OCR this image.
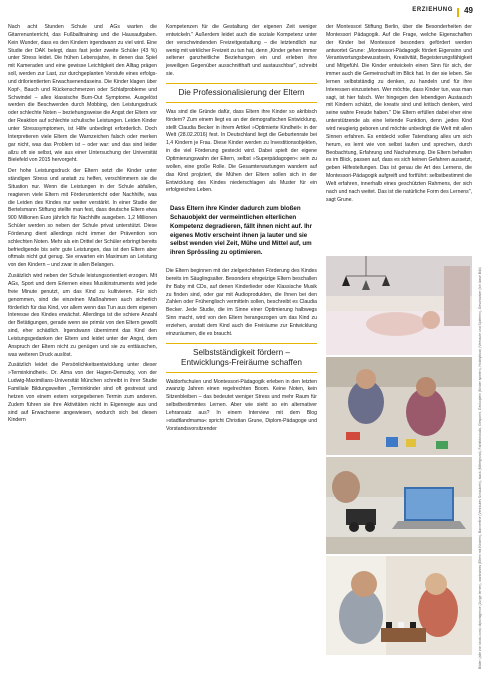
ERZIEHUNG 49

Nach acht Stunden Schule und AGs warten die Gitarrenunterricht, das Fußballtraining und die Hausaufgaben. Kein Wunder, dass es den Kindern irgendwann zu viel wird. Eine Studie der DAK belegt, dass fast jeder zweite Schüler (43 %) unter Stress leidet. Die frühen Lebensjahre, in denen das Spiel mit Kameraden und eine gewisse Leichtigkeit den Alltag prägen soll, werden zur Last, zur durchgeplanten Vorstufe eines erfolgs- und drilorientierten Erwachsenendaseins. Die Kinder klagen über Kopf-, Bauch und Rückenschmerzen oder Schlafprobleme und Schwindel – alles klassische Burn-Out Symptome. Ausgelöst werden die Beschwerden durch Mobbing, den Leistungsdruck oder schlechte Noten – beziehungsweise die Angst der Eltern vor der Reaktion auf schlechte schulische Leistungen. Leiden Kinder unter Stresssymptomen, ist Hilfe unbedingt erforderlich. Doch Interpretieren viele Eltern die Warnzeichen falsch oder merken gar nicht, was das Problem ist – oder war: und das sind leider allzu oft sie selbst, wie aus einer Untersuchung der Universität Bielefeld von 2015 hervorgeht.

Der hohe Leistungsdruck der Eltern setzt die Kinder unter ständigen Stress und anstatt zu helfen, verschlimmern sie die Situation nur. Wenn die Leistungen in der Schule abfallen, reagieren viele Eltern mit Förderunterricht oder Nachhilfe, was die Leiden des Kindes nur weiter verstärkt. In einer Studie der Bertelsmann Stiftung stellte man fest, dass deutsche Eltern etwa 900 Millionen Euro jährlich für Nachhilfe ausgeben. 1,2 Millionen Schüler werden so neben der Schule privat unterstützt. Diese Förderung dient allerdings nicht immer der Prävention von schlechten Noten. Mehr als ein Drittel der Schüler erbringt bereits befriedigende bis sehr gute Leistungen, das ist den Eltern aber oftmals nicht gut genug. Sie erwarten ein Maximum an Leistung von den Kindern – und zwar in allen Belangen.

Zusätzlich wird neben der Schule leistungsorientiert erzogen. Mit AGs, Sport und dem Erlernen eines Musikinstruments wird jede freie Minute genutzt, um das Kind zu kultivieren. Für sich genommen, sind die einzelnen Maßnahmen auch sicherlich förderlich für das Kind, vor allem wenn das Tun aus dem eigenen Interesse des Kindes erwächst. Allerdings ist die schiere Anzahl der Betätigungen, gerade wenn sie primär von den Eltern gewollt sind, eher schädlich. Irgendwann übernimmt das Kind den Leistungsgedanken der Eltern und leidet unter der Angst, dem Anspruch der Eltern nicht zu genügen und sie zu enttäuschen, was weiteren Druck auslöst.

Zusätzlich leidet die Persönlichkeitsentwicklung unter dieser »Terminkindheit«. Dr. Alma von der Hagen-Demszky, von der Ludwig-Maximilians-Universität München schreibt in ihrer Studie Familiale Bildungswelten „Terminkinder sind oft gestresst und hetzen von einem extern vorgegebenen Termin zum anderen. Zudem führen sie ihre Aktivitäten nicht in Eigenregie aus und sind auf Erwachsene angewiesen, wodurch sich bei diesen Kindern

Kompetenzen für die Gestaltung der eigenen Zeit weniger entwickeln." Außerdem leidet auch die soziale Kompetenz unter der verschwindenden Freizeitgestaltung – die letztendlich nur wenig mit wirklicher Freizeit zu tun hat, denn „Kinder gehen immer seltener ganzheitliche Beziehungen ein und erleben ihre jeweiligen Gegenüber ausschnitthaft und austauschbar", schreibt sie.

Die Professionalisierung der Eltern

Was sind die Gründe dafür, dass Eltern ihre Kinder so akribisch fördern? Zum einem liegt es an der demografischen Entwicklung, stellt Claudia Becker in ihrem Artikel »Optimierte Kindheit« in der Welt (28.02.2016) fest. In Deutschland liegt die Geburtenrate bei 1,4 Kindern je Frau. Diese Kinder werden zu Investitionsobjekten, in die viel Förderung gesteckt wird. Dabei spielt der eigene Optimierungswahn der Eltern, selbst »Superpädagogen« sein zu wollen, eine große Rolle. Die Gesamterwartungen wandern auf das Kind projiziert, die Mühen der Eltern sollen sich in der Entwicklung des Kindes niederschlagen als Muster für ein erfolgreiches Leben.

Dass Eltern ihre Kinder dadurch zum bloßen Schauobjekt der vermeintlichen elterlichen Kompetenz degradieren, fällt ihnen nicht auf. Ihr eigenes Motiv erscheint ihnen ja lauter und sie selbst wenden viel Zeit, Mühe und Mittel auf, um ihren Sprössling zu optimieren.

Die Eltern beginnen mit der zielgerichteten Förderung des Kindes bereits im Säuglingsalter. Besonders ehrgeizige Eltern beschallen ihr Baby mit CDs, auf denen Kinderlieder oder Klassische Musik zu finden sind, oder gar mit Audioprodukten, die Ihnen bei den Zahlen oder Frühenglisch vermitteln sollen, beschreibt es Claudia Becker. Jede Studie, die im Sinne einer Optimierung halbwegs Sinn macht, wird von den Eltern herangezogen um das Kind zu erziehen, anstatt dem Kind auch die Freiräume zur Entwicklung einzuräumen, die es braucht.

Selbstständigkeit fördern – Entwicklungs-Freiräume schaffen

Waldorfschulen und Montessori-Pädagogik erleben in den letzten zwanzig Jahren einen regelrechten Boom. Keine Noten, kein Sitzenbleiben – das bedeutet weniger Stress und mehr Raum für selbstbestimmtes Lernen. Aber wie sieht so ein alternativer Lehransatz aus? In einem Interview mit dem Blog »stadtlandmama« spricht Christian Grune, Diplom-Pädagoge und Vorstandsvorsitzender

der Montessori Stiftung Berlin, über die Besonderheiten der Montessori Pädagogik. Auf die Frage, welche Eigenschaften der Kinder bei Montessori besonders gefördert werden antwortet Grune: „Montessori-Pädagogik fördert Eigensinn und Verantwortungsbewusstsein, Kreativität, Begeisterungsfähigkeit und Mitgefühl. Die Kinder entwickeln einen Sinn für sich, der immer auch die Gemeinschaft im Blick hat. In der sie leben. Sie lernen selbstständig zu denken, zu handeln und für ihre Interessen einzustehen. Wer möchte, dass Kinder tun, was man sagt, ist hier falsch. Wer hingegen den lebendigen Austausch mit Kindern schätzt, die kreativ sind und kritisch denken, wird seine wahre Freude haben." Die Eltern erfüllen dabei eher eine unterstützende als eine leitende Funktion, denn „jedes Kind wird neugierig geboren und möchte unbedingt die Welt mit allen Sinnen erfahren. Es entdeckt voller Tatendrang alles um sich herum, es lernt wie von selbst laufen und sprechen, durch Beobachtung, Erfahrung und Nachahmung. Die Eltern behalten es im Blick, passen auf, dass es sich keinen Gefahren aussetzt, geben Hilfestellungen. Das ist genau die Art des Lernens, die Montessori-Pädagogik aufgreift und fortführt: selbstbestimmt die Welt erfahren, innerhalb eines geschützten Rahmens, der sich nach und nach weitet. Das ist die natürliche Form des Lernens", sagt Grune.

Bilder: (alle von stock.com): diplomigence (Junge lernen), warbrahms (Eltern mit Kindern), Bannerfine (Vertrautes Schaukeln), stack (Mittelgrund), Farbfotostudio, Gespornt, Geckoplein (Kinder spielen), Hobbyblock (Vertraute und Spielerin), Geschwister (Ich lasse Bild)
